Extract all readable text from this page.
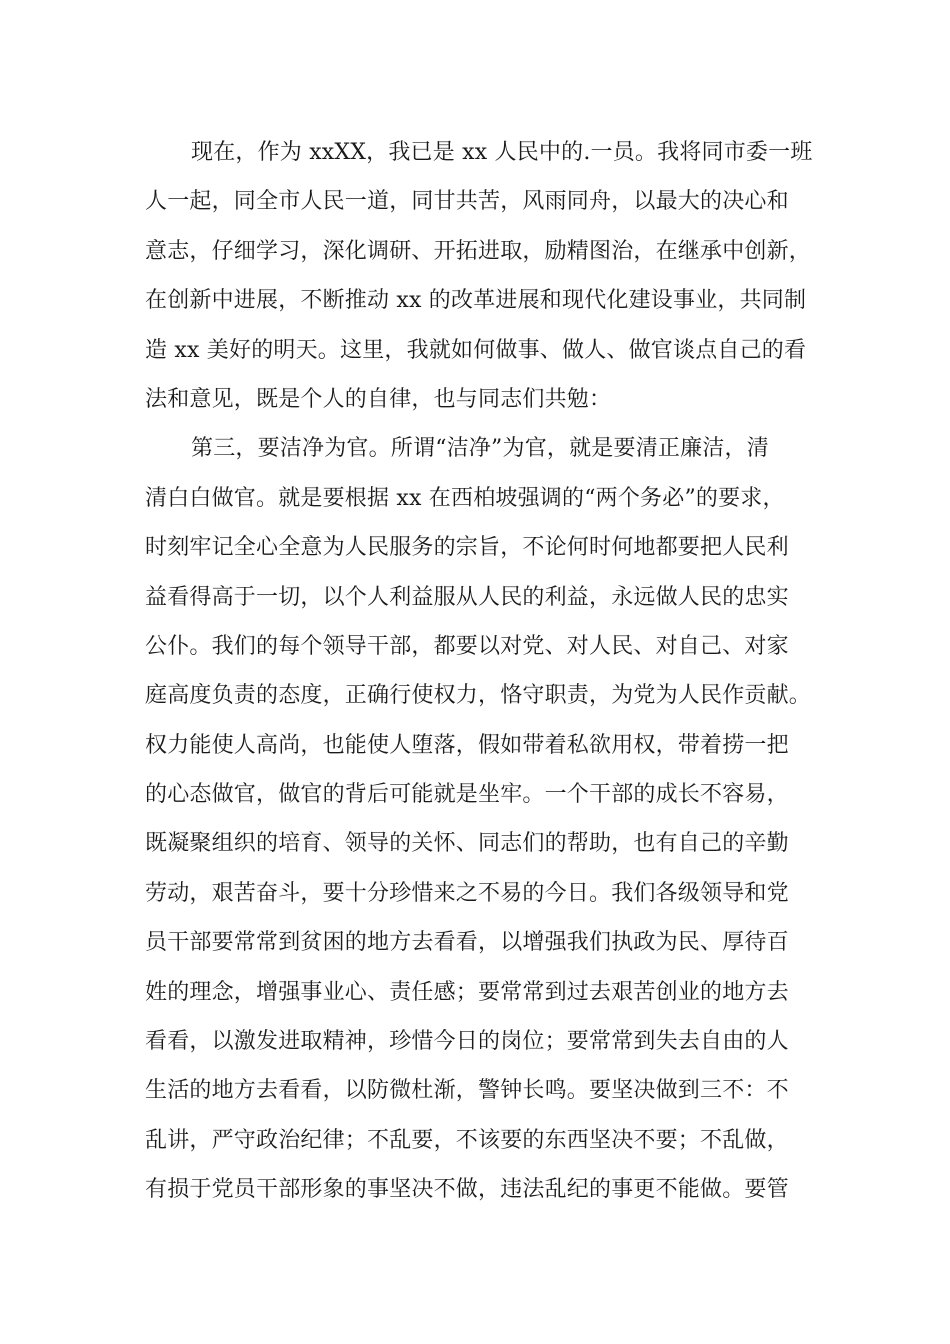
现在，作为 xxXX，我已是 xx 人民中的.一员。我将同市委一班
人一起，同全市人民一道，同甘共苦，风雨同舟，以最大的决心和
意志，仔细学习，深化调研、开拓进取，励精图治，在继承中创新，
在创新中进展，不断推动 xx 的改革进展和现代化建设事业，共同制
造 xx 美好的明天。这里，我就如何做事、做人、做官谈点自己的看
法和意见，既是个人的自律，也与同志们共勉：
第三，要洁净为官。所谓“洁净”为官，就是要清正廉洁，清
清白白做官。就是要根据 xx 在西柏坡强调的“两个务必”的要求，
时刻牢记全心全意为人民服务的宗旨，不论何时何地都要把人民利
益看得高于一切，以个人利益服从人民的利益，永远做人民的忠实
公仆。我们的每个领导干部，都要以对党、对人民、对自己、对家
庭高度负责的态度，正确行使权力，恪守职责，为党为人民作贡献。
权力能使人高尚，也能使人堕落，假如带着私欲用权，带着捞一把
的心态做官，做官的背后可能就是坐牢。一个干部的成长不容易，
既凝聚组织的培育、领导的关怀、同志们的帮助，也有自己的辛勤
劳动，艰苦奋斗，要十分珍惜来之不易的今日。我们各级领导和党
员干部要常常到贫困的地方去看看，以增强我们执政为民、厚待百
姓的理念，增强事业心、责任感；要常常到过去艰苦创业的地方去
看看，以激发进取精神，珍惜今日的岗位；要常常到失去自由的人
生活的地方去看看，以防微杜渐，警钟长鸣。要坚决做到三不：不
乱讲，严守政治纪律；不乱要，不该要的东西坚决不要；不乱做，
有损于党员干部形象的事坚决不做，违法乱纪的事更不能做。要管
